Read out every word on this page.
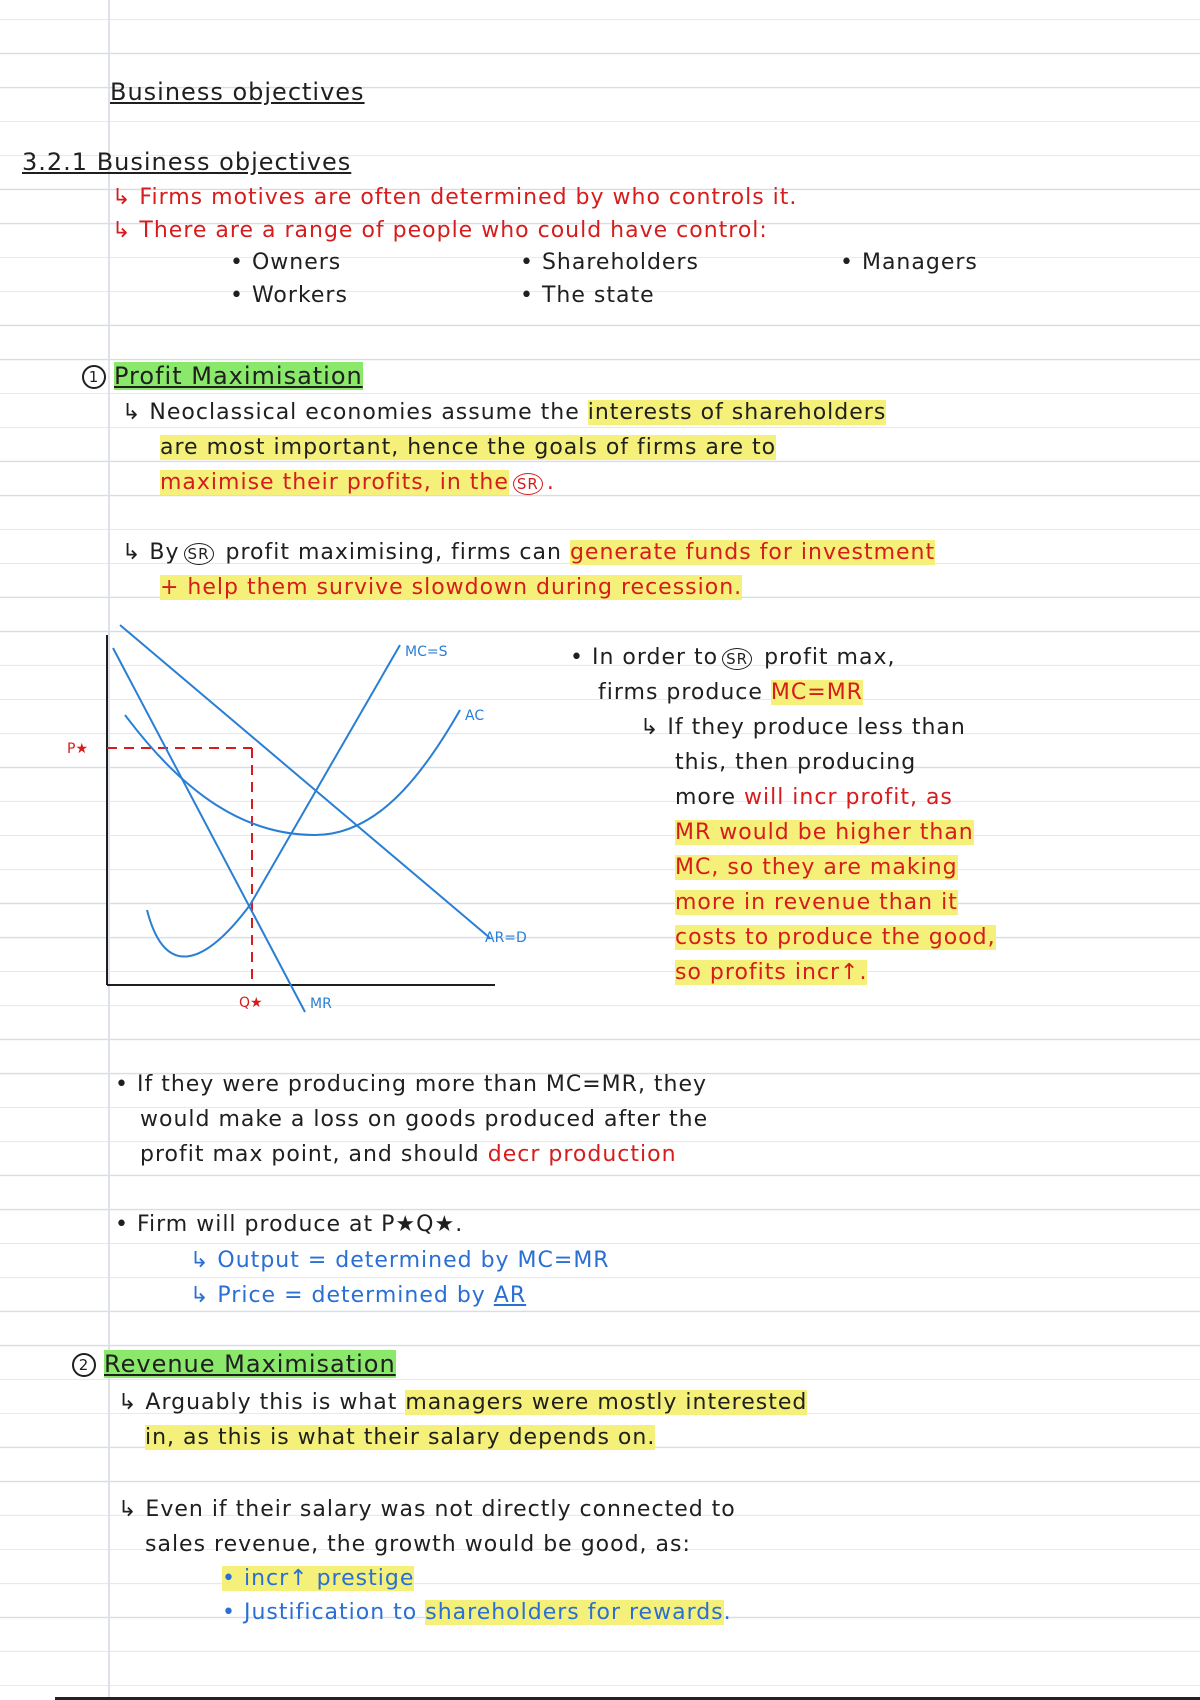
Business objectives
3.2.1 Business objectives
↳ Firms motives are often determined by who controls it.
↳ There are a range of people who could have control:
• Owners	• Shareholders	• Managers
• Workers	• The state
1 Profit Maximisation
↳ Neoclassical economies assume the interests of shareholders
are most important, hence the goals of firms are to
maximise their profits, in the SR .
↳ By SR profit maximising, firms can generate funds for investment
+ help them survive slowdown during recession.
MC=S
AC
AR=D
MR
P★
Q★
• In order to SR profit max,
firms produce MC=MR
↳ If they produce less than
this, then producing
more will incr profit, as
MR would be higher than
MC, so they are making
more in revenue than it
costs to produce the good,
so profits incr↑.
• If they were producing more than MC=MR, they
would make a loss on goods produced after the
profit max point, and should decr production
• Firm will produce at P★Q★.
↳ Output = determined by MC=MR
↳ Price = determined by AR
2 Revenue Maximisation
↳ Arguably this is what managers were mostly interested
in, as this is what their salary depends on.
↳ Even if their salary was not directly connected to
sales revenue, the growth would be good, as:
• incr↑ prestige
• Justification to shareholders for rewards.
